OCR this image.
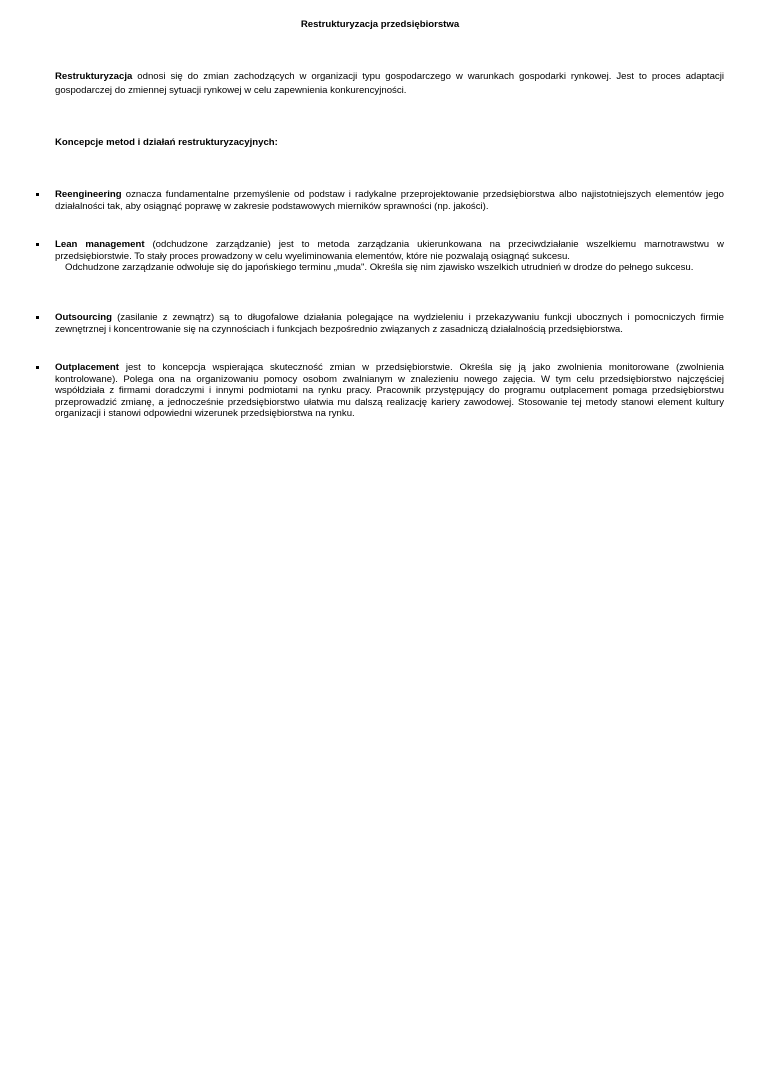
Restrukturyzacja przedsiębiorstwa

Restrukturyzacja odnosi się do zmian zachodzących w organizacji typu gospodarczego w warunkach gospodarki rynkowej. Jest to proces adaptacji gospodarczej do zmiennej sytuacji rynkowej w celu zapewnienia konkurencyjności.

Koncepcje metod i działań restrukturyzacyjnych:

Reengineering oznacza fundamentalne przemyślenie od podstaw i radykalne przeprojektowanie przedsiębiorstwa albo najistotniejszych elementów jego działalności tak, aby osiągnąć poprawę w zakresie podstawowych mierników sprawności (np. jakości).

Lean management (odchudzone zarządzanie) jest to metoda zarządzania ukierunkowana na przeciwdziałanie wszelkiemu marnotrawstwu w przedsiębiorstwie. To stały proces prowadzony w celu wyeliminowania elementów, które nie pozwalają osiągnąć sukcesu.

Odchudzone zarządzanie odwołuje się do japońskiego terminu „muda". Określa się nim zjawisko wszelkich utrudnień w drodze do pełnego sukcesu.

Outsourcing (zasilanie z zewnątrz) są to długofalowe działania polegające na wydzieleniu i przekazywaniu funkcji ubocznych i pomocniczych firmie zewnętrznej i koncentrowanie się na czynnościach i funkcjach bezpośrednio związanych z zasadniczą działalnością przedsiębiorstwa.

Outplacement jest to koncepcja wspierająca skuteczność zmian w przedsiębiorstwie. Określa się ją jako zwolnienia monitorowane (zwolnienia kontrolowane). Polega ona na organizowaniu pomocy osobom zwalnianym w znalezieniu nowego zajęcia. W tym celu przedsiębiorstwo najczęściej współdziała z firmami doradczymi i innymi podmiotami na rynku pracy. Pracownik przystępujący do programu outplacement pomaga przedsiębiorstwu przeprowadzić zmianę, a jednocześnie przedsiębiorstwo ułatwia mu dalszą realizację kariery zawodowej. Stosowanie tej metody stanowi element kultury organizacji i stanowi odpowiedni wizerunek przedsiębiorstwa na rynku.
